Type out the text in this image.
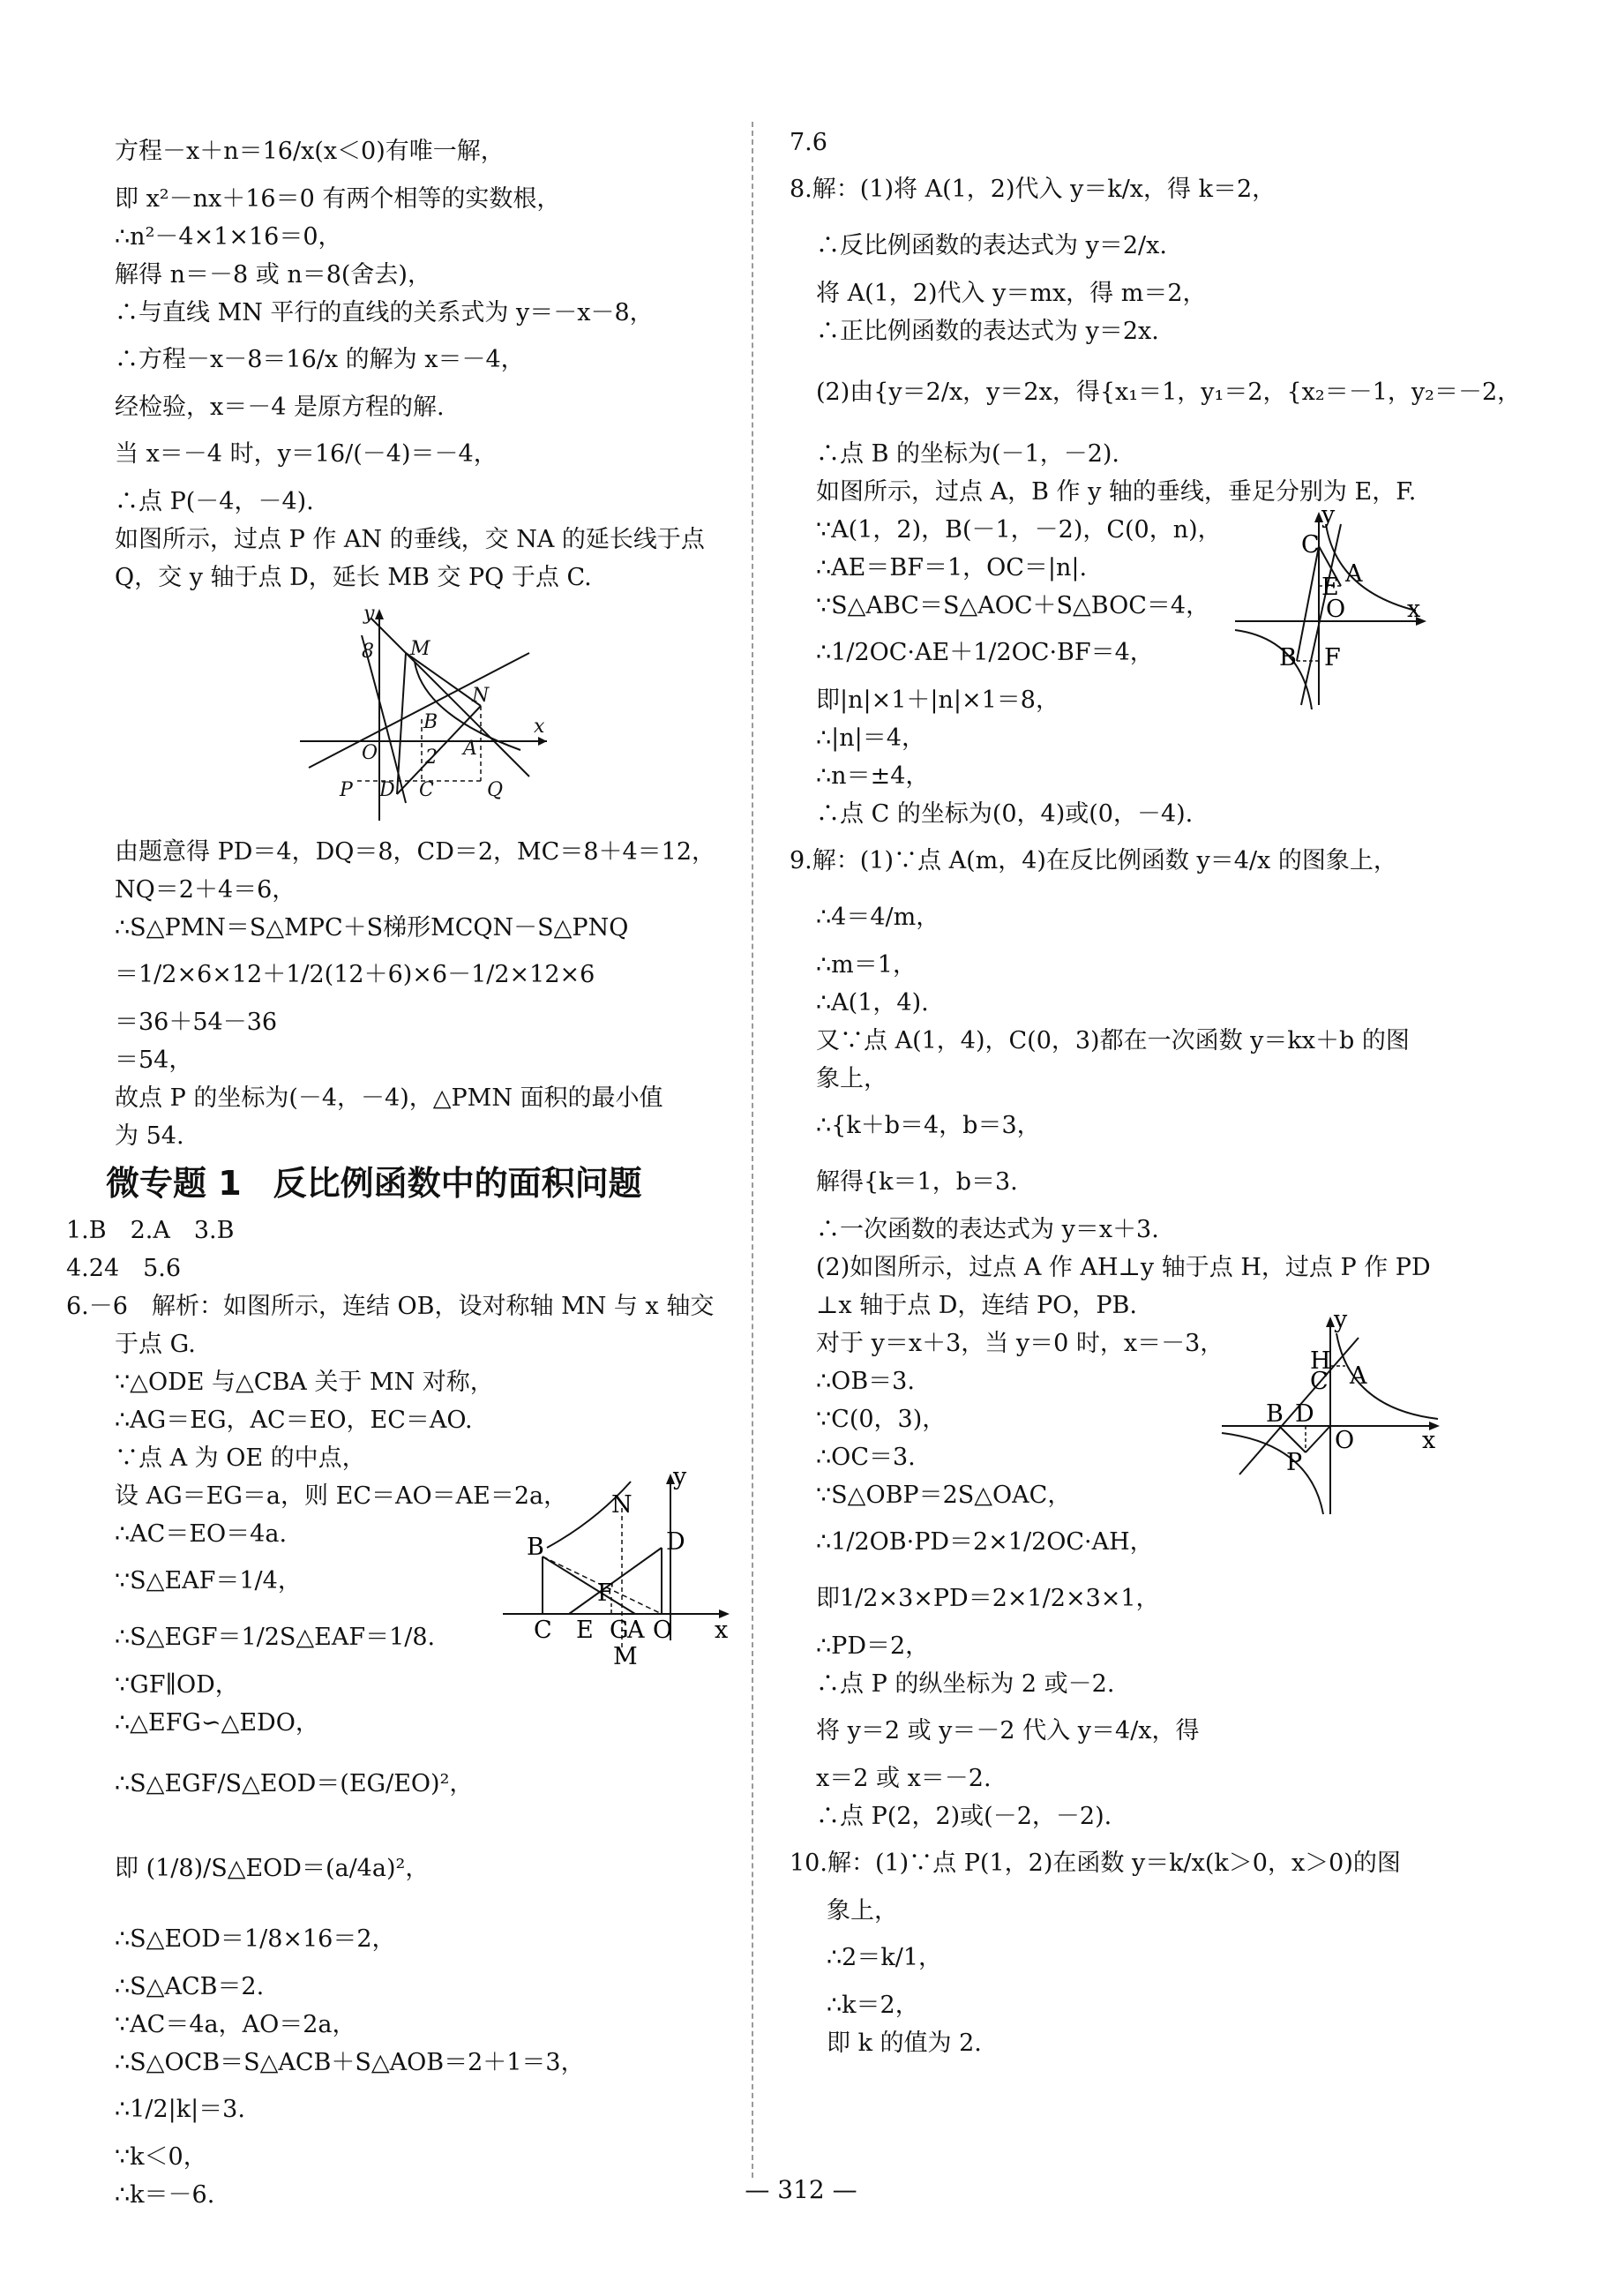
方程－x＋n＝16/x(x＜0)有唯一解，
即 x²－nx＋16＝0 有两个相等的实数根，
∴n²－4×1×16＝0，
解得 n＝－8 或 n＝8(舍去)，
∴与直线 MN 平行的直线的关系式为 y＝－x－8，
∴方程－x－8＝16/x 的解为 x＝－4，
经检验，x＝－4 是原方程的解.
当 x＝－4 时，y＝16/(－4)＝－4，
∴点 P(－4，－4).
如图所示，过点 P 作 AN 的垂线，交 NA 的延长线于点
Q，交 y 轴于点 D，延长 MB 交 PQ 于点 C.
y
M
8
N
B
A
O 2
P D C	Q
x
由题意得 PD＝4，DQ＝8，CD＝2，MC＝8＋4＝12，
NQ＝2＋4＝6，
∴S△PMN＝S△MPC＋S梯形MCQN－S△PNQ
＝1/2×6×12＋1/2(12＋6)×6－1/2×12×6
＝36＋54－36
＝54，
故点 P 的坐标为(－4，－4)，△PMN 面积的最小值
为 54.
微专题 1 反比例函数中的面积问题
1.B　2.A　3.B
4.24　5.6
6.－6　解析：如图所示，连结 OB，设对称轴 MN 与 x 轴交
于点 G.
∵△ODE 与△CBA 关于 MN 对称，
∴AG＝EG，AC＝EO，EC＝AO.
∵点 A 为 OE 的中点，
设 AG＝EG＝a，则 EC＝AO＝AE＝2a，
∴AC＝EO＝4a.
∵S△EAF＝1/4，
∴S△EGF＝1/2S△EAF＝1/8.
y
N
B	D
F
C E G
A O x
M
∵GF∥OD，
∴△EFG∽△EDO，
∴S△EGF/S△EOD＝(EG/EO)²，
即 (1/8)/S△EOD＝(a/4a)²，
∴S△EOD＝1/8×16＝2，
∴S△ACB＝2.
∵AC＝4a，AO＝2a，
∴S△OCB＝S△ACB＋S△AOB＝2＋1＝3，
∴1/2|k|＝3.
∵k＜0，
∴k＝－6.
7.6
8.解：(1)将 A(1，2)代入 y＝k/x，得 k＝2，
∴反比例函数的表达式为 y＝2/x.
将 A(1，2)代入 y＝mx，得 m＝2，
∴正比例函数的表达式为 y＝2x.
(2)由{y＝2/x，y＝2x，得{x₁＝1，y₁＝2，{x₂＝－1，y₂＝－2，
∴点 B 的坐标为(－1，－2).
如图所示，过点 A，B 作 y 轴的垂线，垂足分别为 E，F.
∵A(1，2)，B(－1，－2)，C(0，n)，
∴AE＝BF＝1，OC＝|n|.
∵S△ABC＝S△AOC＋S△BOC＝4，
∴1/2OC·AE＋1/2OC·BF＝4，
即|n|×1＋|n|×1＝8，
∴|n|＝4，
∴n＝±4，
∴点 C 的坐标为(0，4)或(0，－4).
y
C
E A
O	x
B F
9.解：(1)∵点 A(m，4)在反比例函数 y＝4/x 的图象上，
∴4＝4/m，
∴m＝1，
∴A(1，4).
又∵点 A(1，4)，C(0，3)都在一次函数 y＝kx＋b 的图
象上，
∴{k＋b＝4，b＝3，
解得{k＝1，b＝3.
∴一次函数的表达式为 y＝x＋3.
(2)如图所示，过点 A 作 AH⊥y 轴于点 H，过点 P 作 PD
⊥x 轴于点 D，连结 PO，PB.
对于 y＝x＋3，当 y＝0 时，x＝－3，
∴OB＝3.
∵C(0，3)，
∴OC＝3.
∵S△OBP＝2S△OAC，
∴1/2OB·PD＝2×1/2OC·AH，
y
H
C A
B D
O	x
P
即1/2×3×PD＝2×1/2×3×1，
∴PD＝2，
∴点 P 的纵坐标为 2 或－2.
将 y＝2 或 y＝－2 代入 y＝4/x，得
x＝2 或 x＝－2.
∴点 P(2，2)或(－2，－2).
10.解：(1)∵点 P(1，2)在函数 y＝k/x(k＞0，x＞0)的图
象上，
∴2＝k/1，
∴k＝2，
即 k 的值为 2.
— 312 —
